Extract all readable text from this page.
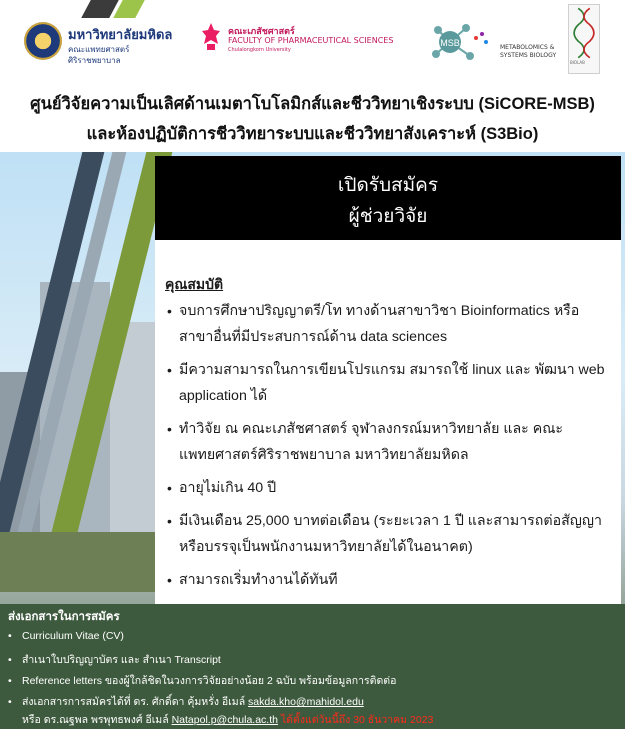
มหาวิทยาลัยมหิดล
คณะแพทยศาสตร์
ศิริราชพยาบาล
คณะเภสัชศาสตร์
FACULTY OF PHARMACEUTICAL SCIENCES
Chulalongkorn University
MSB	METABOLOMICS &
SYSTEMS BIOLOGY
BIOLAB
ศูนย์วิจัยความเป็นเลิศด้านเมตาโบโลมิกส์และชีววิทยาเชิงระบบ (SiCORE-MSB)
และห้องปฏิบัติการชีววิทยาระบบและชีววิทยาสังเคราะห์ (S3Bio)
เปิดรับสมัคร
ผู้ช่วยวิจัย
คุณสมบัติ
• จบการศึกษาปริญญาตรี/โท ทางด้านสาขาวิชา Bioinformatics หรือ
สาขาอื่นที่มีประสบการณ์ด้าน data sciences
• มีความสามารถในการเขียนโปรแกรม สมารถใช้ linux และ พัฒนา web
application ได้
• ทำวิจัย ณ คณะเภสัชศาสตร์ จุฬาลงกรณ์มหาวิทยาลัย และ คณะ
แพทยศาสตร์ศิริราชพยาบาล มหาวิทยาลัยมหิดล
• อายุไม่เกิน 40 ปี
• มีเงินเดือน 25,000 บาทต่อเดือน (ระยะเวลา 1 ปี และสามารถต่อสัญญา
หรือบรรจุเป็นพนักงานมหาวิทยาลัยได้ในอนาคต)
• สามารถเริ่มทำงานได้ทันที
ส่งเอกสารในการสมัคร
• Curriculum Vitae (CV)
• สำเนาใบปริญญาบัตร และ สำเนา Transcript
• Reference letters ของผู้ใกล้ชิดในวงการวิจัยอย่างน้อย 2 ฉบับ พร้อมข้อมูลการติดต่อ
• ส่งเอกสารการสมัครได้ที่ ดร. ศักดิ์ดา คุ้มหรั่ง อีเมล์ sakda.kho@mahidol.edu
หรือ ดร.ณฐพล พรพุทธพงศ์ อีเมล์ Natapol.p@chula.ac.th ได้ตั้งแต่วันนี้ถึง 30 ธันวาคม 2023
